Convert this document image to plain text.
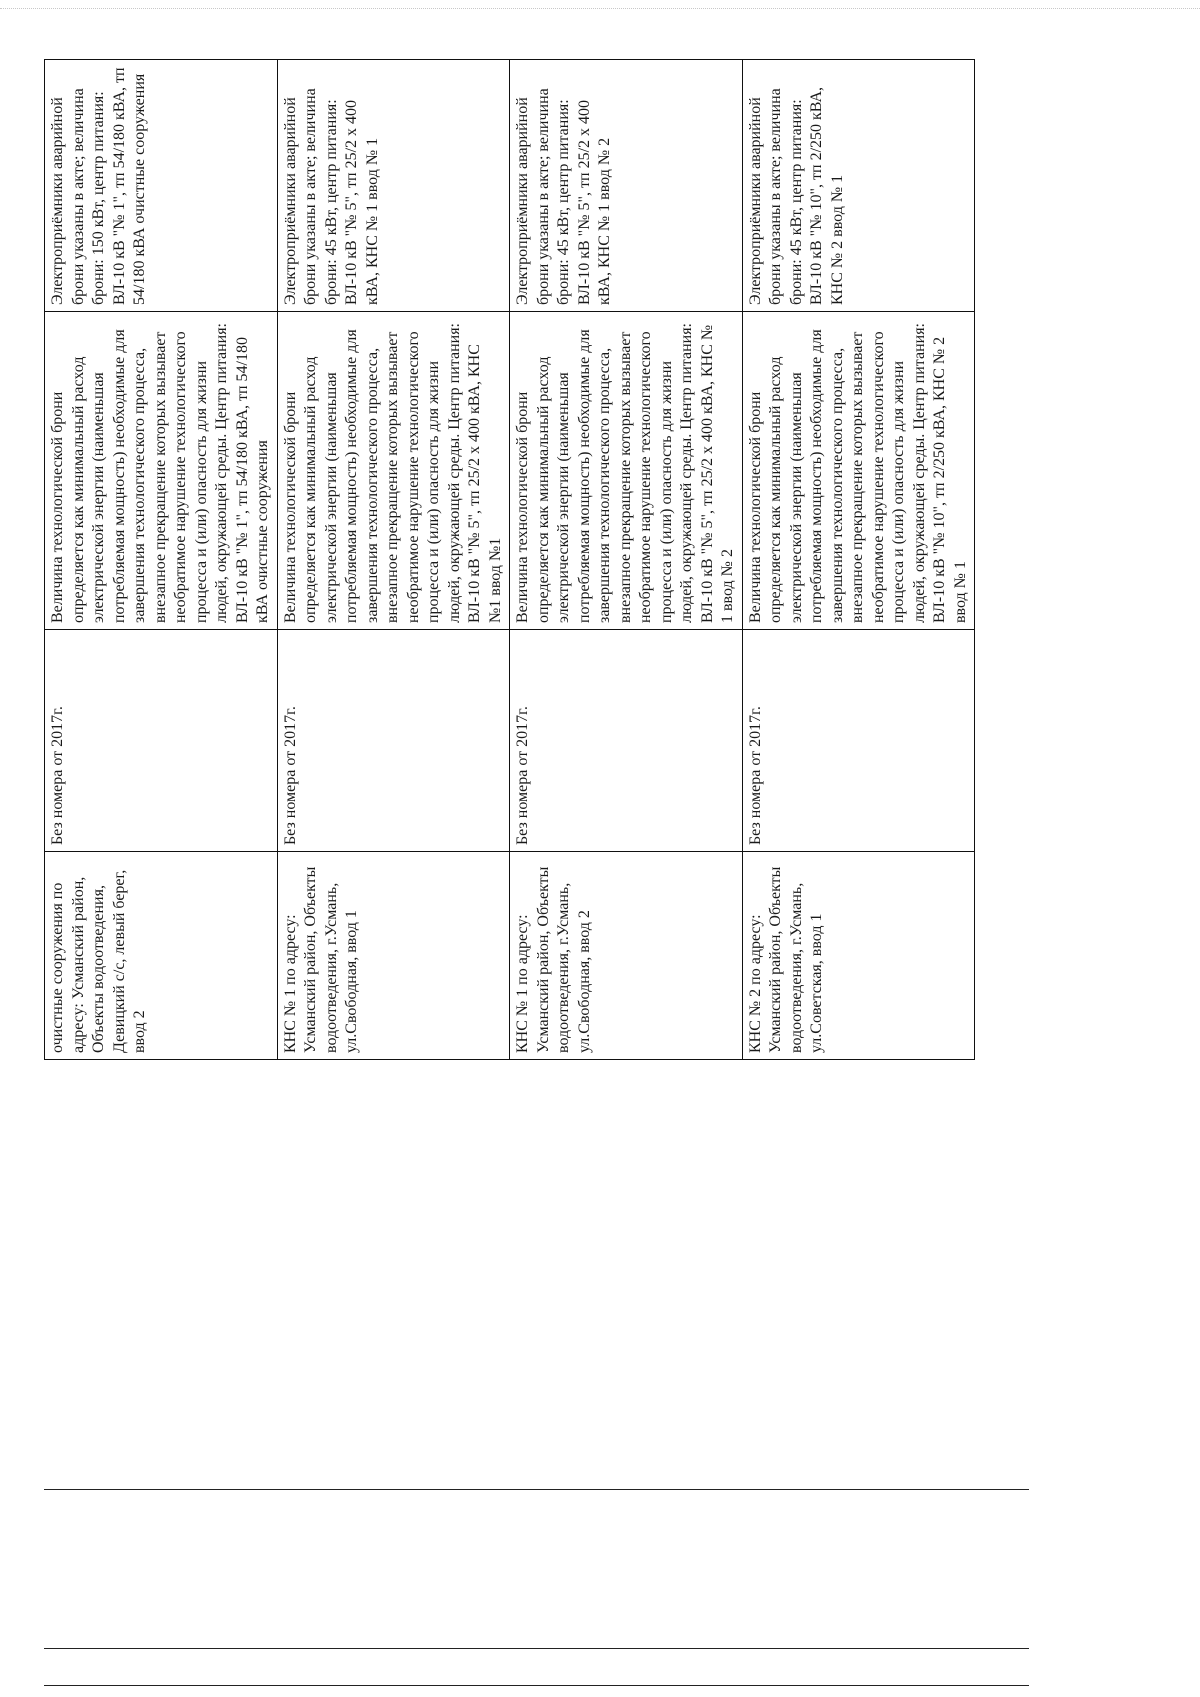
очистные сооружения по адресу: Усманский район, Объекты водоотведения, Девицкий с/с, левый берег, ввод 2	Без номера от 2017г.	Величина технологической брони определяется как минимальный расход электрической энергии (наименьшая потребляемая мощность) необходимые для завершения технологического процесса, внезапное прекращение которых вызывает необратимое нарушение технологического процесса и (или) опасность для жизни людей, окружающей среды. Центр питания: ВЛ-10 кВ "№ 1", тп 54/180 кВА, тп 54/180 кВА очистные сооружения	Электроприёмники аварийной брони указаны в акте; величина брони: 150 кВт, центр питания: ВЛ-10 кВ "№ 1", тп 54/180 кВА, тп 54/180 кВА очистные сооружения
КНС № 1 по адресу: Усманский район, Объекты водоотведения, г.Усмань, ул.Свободная, ввод 1	Без номера от 2017г.	Величина технологической брони определяется как минимальный расход электрической энергии (наименьшая потребляемая мощность) необходимые для завершения технологического процесса, внезапное прекращение которых вызывает необратимое нарушение технологического процесса и (или) опасность для жизни людей, окружающей среды. Центр питания: ВЛ-10 кВ "№ 5", тп 25/2 х 400 кВА, КНС №1 ввод №1	Электроприёмники аварийной брони указаны в акте; величина брони: 45 кВт, центр питания: ВЛ-10 кВ "№ 5", тп 25/2 х 400 кВА, КНС № 1 ввод № 1
КНС № 1 по адресу: Усманский район, Объекты водоотведения, г.Усмань, ул.Свободная, ввод 2	Без номера от 2017г.	Величина технологической брони определяется как минимальный расход электрической энергии (наименьшая потребляемая мощность) необходимые для завершения технологического процесса, внезапное прекращение которых вызывает необратимое нарушение технологического процесса и (или) опасность для жизни людей, окружающей среды. Центр питания: ВЛ-10 кВ "№ 5", тп 25/2 х 400 кВА, КНС № 1 ввод № 2	Электроприёмники аварийной брони указаны в акте; величина брони: 45 кВт, центр питания: ВЛ-10 кВ "№ 5", тп 25/2 х 400 кВА, КНС № 1 ввод № 2
КНС № 2 по адресу: Усманский район, Объекты водоотведения, г.Усмань, ул.Советская, ввод 1	Без номера от 2017г.	Величина технологической брони определяется как минимальный расход электрической энергии (наименьшая потребляемая мощность) необходимые для завершения технологического процесса, внезапное прекращение которых вызывает необратимое нарушение технологического процесса и (или) опасность для жизни людей, окружающей среды. Центр питания: ВЛ-10 кВ "№ 10", тп 2/250 кВА, КНС № 2 ввод № 1	Электроприёмники аварийной брони указаны в акте; величина брони: 45 кВт, центр питания: ВЛ-10 кВ "№ 10", тп 2/250 кВА, КНС № 2 ввод № 1
